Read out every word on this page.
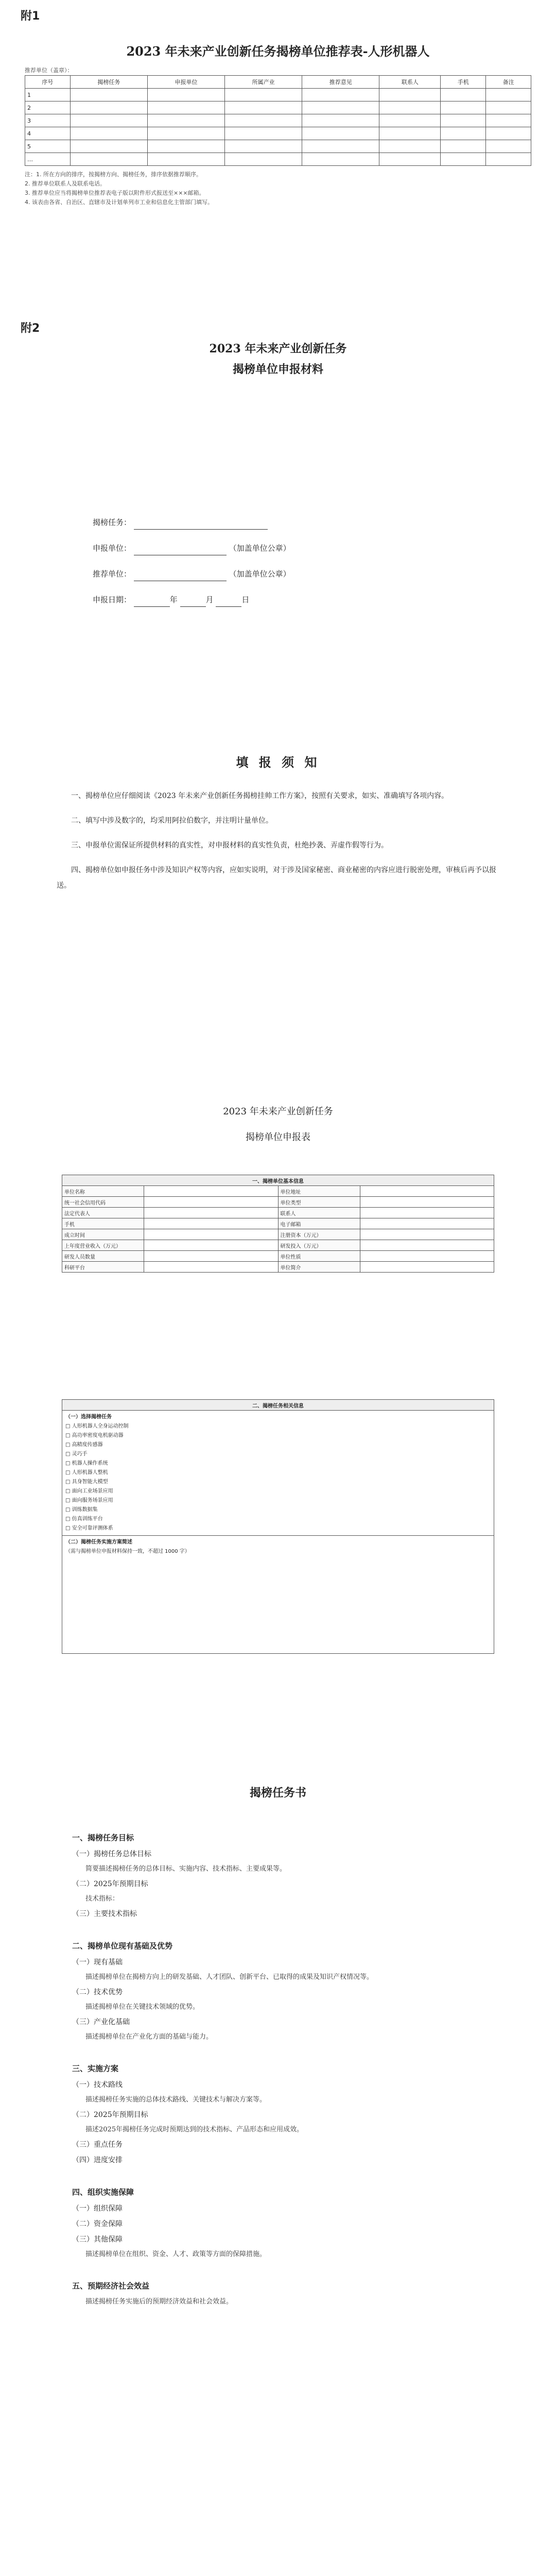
附1
2023 年未来产业创新任务揭榜单位推荐表-人形机器人
推荐单位（盖章）：
序号	揭榜任务	申报单位	所属产业	推荐意见	联系人	手机	备注
1							
2							
3							
4							
5							
…							
注：1. 所在方向的排序，按揭榜方向、揭榜任务，排序依据推荐顺序。
2. 推荐单位联系人及联系电话。
3. 推荐单位应当将揭榜单位推荐表电子版以附件形式报送至×××邮箱。
4. 该表由各省、自治区、直辖市及计划单列市工业和信息化主管部门填写。
附2
2023 年未来产业创新任务
揭榜单位申报材料
揭榜任务：
申报单位：	（加盖单位公章）
推荐单位：	（加盖单位公章）
申报日期：	年	月	日
填 报 须 知
一、揭榜单位应仔细阅读《2023 年未来产业创新任务揭榜挂帅工作方案》，按照有关要求，如实、准确填写各项内容。
二、填写中涉及数字的，均采用阿拉伯数字，并注明计量单位。
三、申报单位需保证所提供材料的真实性，对申报材料的真实性负责，杜绝抄袭、弄虚作假等行为。
四、揭榜单位如申报任务中涉及知识产权等内容，应如实说明，对于涉及国家秘密、商业秘密的内容应进行脱密处理，审核后再予以报送。
2023 年未来产业创新任务
揭榜单位申报表
一、揭榜单位基本信息			
单位名称		单位地址	
统一社会信用代码		单位类型	
法定代表人		联系人	
手机		电子邮箱	
成立时间		注册资本（万元）	
上年度营业收入（万元）		研发投入（万元）	
研发人员数量		单位性质	
科研平台		单位简介	
二、揭榜任务相关信息

（一）选择揭榜任务
□ 人形机器人全身运动控制
□ 高功率密度电机驱动器
□ 高精度传感器
□ 灵巧手
□ 机器人操作系统
□ 人形机器人整机
□ 具身智能大模型
□ 面向工业场景应用
□ 面向服务场景应用
□ 训练数据集
□ 仿真训练平台
□ 安全可靠评测体系

（二）揭榜任务实施方案简述
（需与揭榜单位申报材料保持一致，不超过 1000 字）
揭榜任务书
一、揭榜任务目标
（一）揭榜任务总体目标
简要描述揭榜任务的总体目标、实施内容、技术指标、主要成果等。
（二）2025年预期目标
技术指标：
（三）主要技术指标
二、揭榜单位现有基础及优势
（一）现有基础
描述揭榜单位在揭榜方向上的研发基础、人才团队、创新平台、已取得的成果及知识产权情况等。
（二）技术优势
描述揭榜单位在关键技术领域的优势。
（三）产业化基础
描述揭榜单位在产业化方面的基础与能力。
三、实施方案
（一）技术路线
描述揭榜任务实施的总体技术路线、关键技术与解决方案等。
（二）2025年预期目标
描述2025年揭榜任务完成时预期达到的技术指标、产品形态和应用成效。
（三）重点任务
（四）进度安排
四、组织实施保障
（一）组织保障
（二）资金保障
（三）其他保障
描述揭榜单位在组织、资金、人才、政策等方面的保障措施。
五、预期经济社会效益
描述揭榜任务实施后的预期经济效益和社会效益。
